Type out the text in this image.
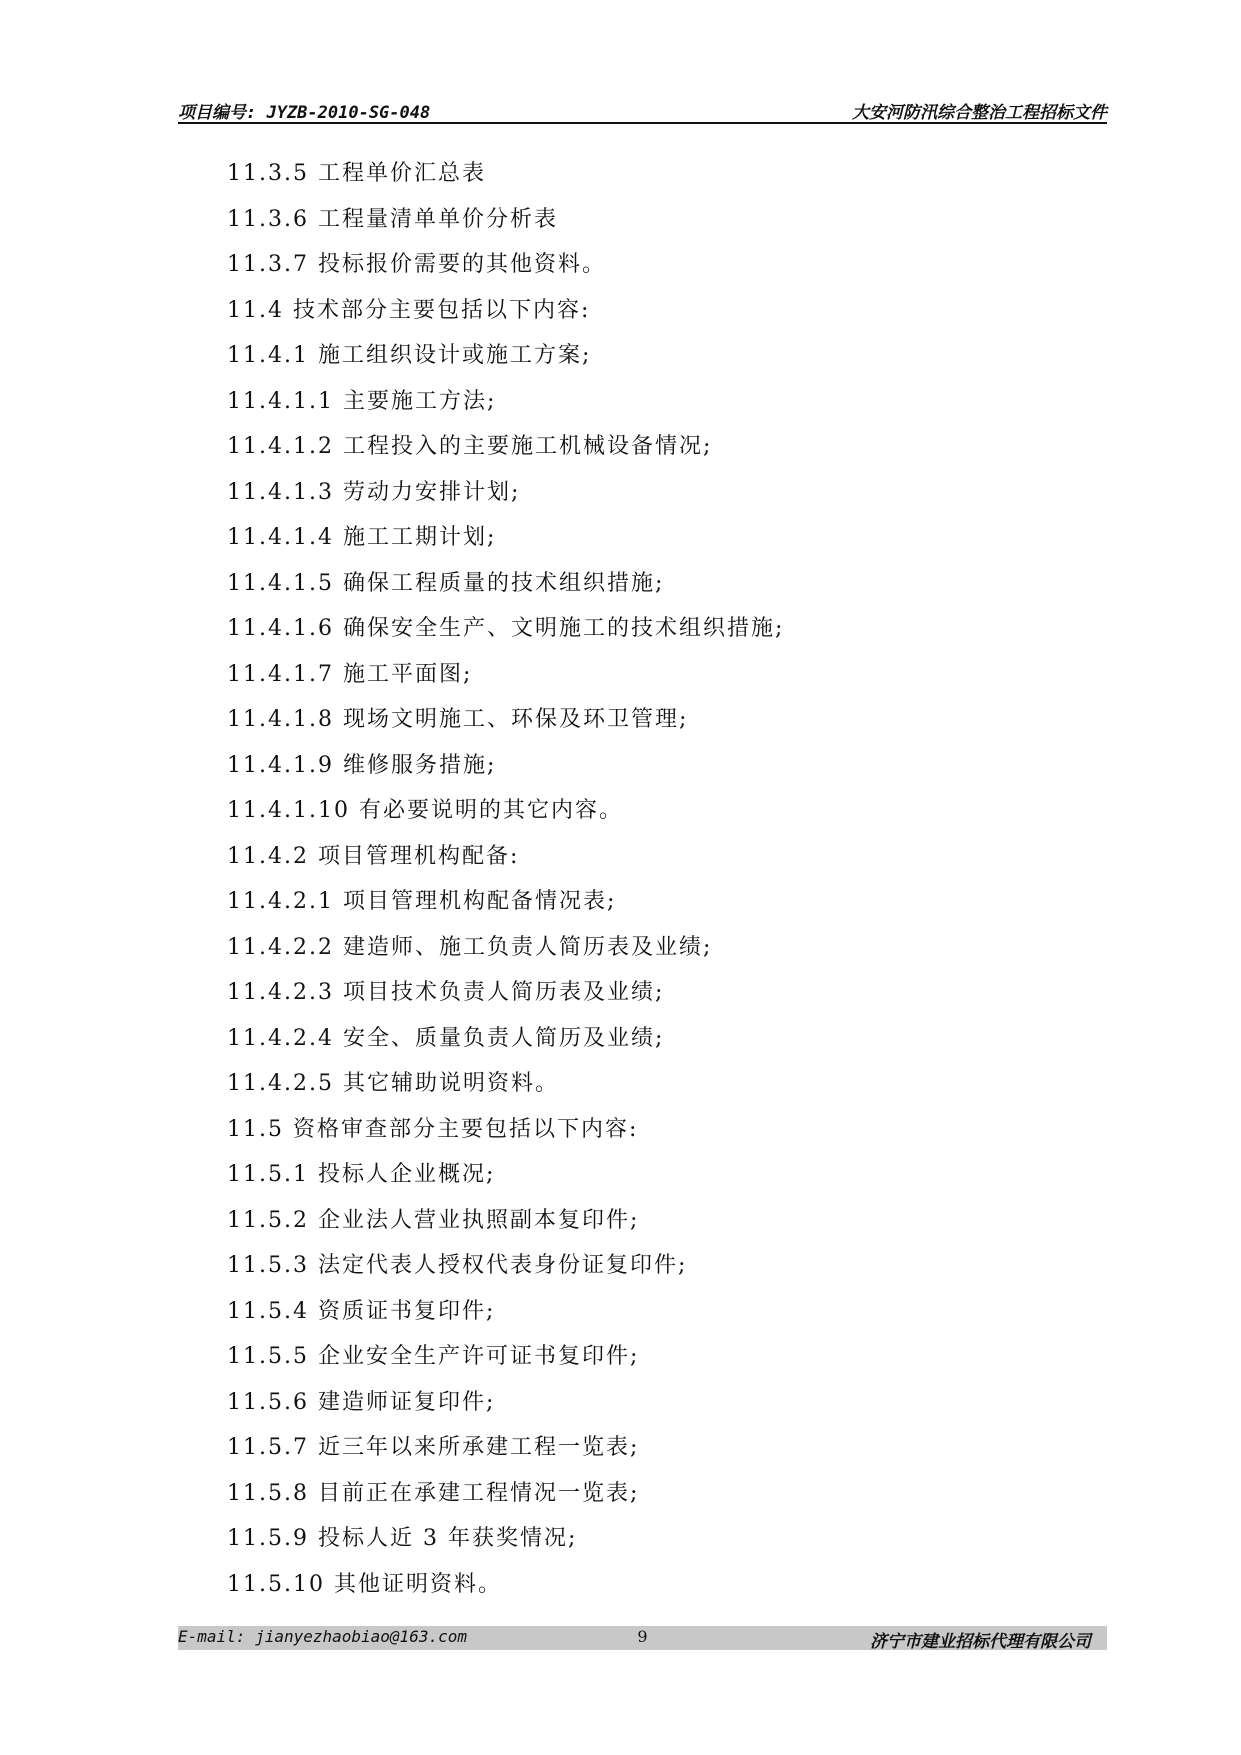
项目编号: JYZB-2010-SG-048	大安河防汛综合整治工程招标文件
11.3.5 工程单价汇总表
11.3.6 工程量清单单价分析表
11.3.7 投标报价需要的其他资料。
11.4 技术部分主要包括以下内容:
11.4.1 施工组织设计或施工方案;
11.4.1.1 主要施工方法;
11.4.1.2 工程投入的主要施工机械设备情况;
11.4.1.3 劳动力安排计划;
11.4.1.4 施工工期计划;
11.4.1.5 确保工程质量的技术组织措施;
11.4.1.6 确保安全生产、文明施工的技术组织措施;
11.4.1.7 施工平面图;
11.4.1.8 现场文明施工、环保及环卫管理;
11.4.1.9 维修服务措施;
11.4.1.10 有必要说明的其它内容。
11.4.2 项目管理机构配备:
11.4.2.1 项目管理机构配备情况表;
11.4.2.2 建造师、施工负责人简历表及业绩;
11.4.2.3 项目技术负责人简历表及业绩;
11.4.2.4 安全、质量负责人简历及业绩;
11.4.2.5 其它辅助说明资料。
11.5 资格审查部分主要包括以下内容:
11.5.1 投标人企业概况;
11.5.2 企业法人营业执照副本复印件;
11.5.3 法定代表人授权代表身份证复印件;
11.5.4 资质证书复印件;
11.5.5 企业安全生产许可证书复印件;
11.5.6 建造师证复印件;
11.5.7 近三年以来所承建工程一览表;
11.5.8 目前正在承建工程情况一览表;
11.5.9 投标人近 3 年获奖情况;
11.5.10 其他证明资料。
E-mail: jianyezhaobiao@163.com	9	济宁市建业招标代理有限公司
